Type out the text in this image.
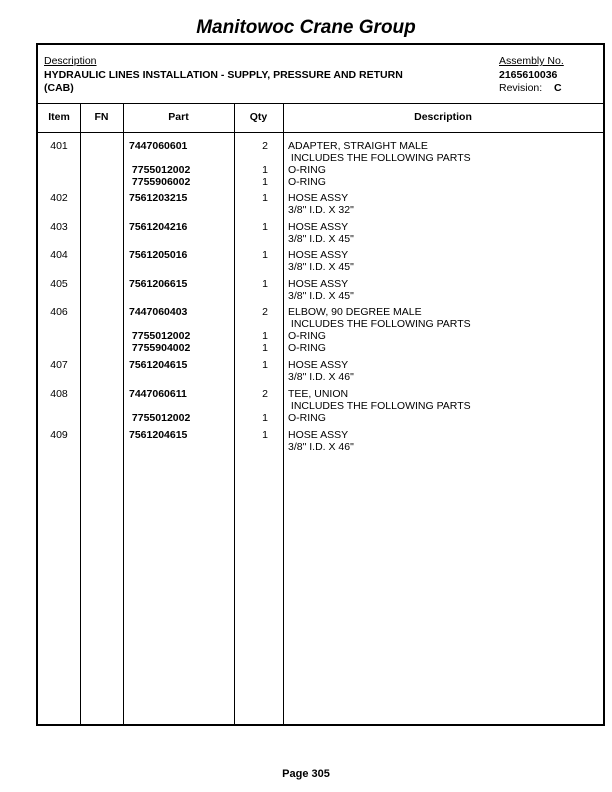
Manitowoc Crane Group
Description
HYDRAULIC LINES INSTALLATION - SUPPLY, PRESSURE AND RETURN
(CAB)
Assembly No.
2165610036
Revision: C
Item	FN	Part	Qty	Description
401	7447060601	2 ADAPTER, STRAIGHT MALE
INCLUDES THE FOLLOWING PARTS
7755012002	1 O-RING
7755906002	1 O-RING
402	7561203215	1 HOSE ASSY
3/8" I.D. X 32"
403	7561204216	1 HOSE ASSY
3/8" I.D. X 45"
404	7561205016	1 HOSE ASSY
3/8" I.D. X 45"
405	7561206615	1 HOSE ASSY
3/8" I.D. X 45"
406	7447060403	2 ELBOW, 90 DEGREE MALE
INCLUDES THE FOLLOWING PARTS
7755012002	1 O-RING
7755904002	1 O-RING
407	7561204615	1 HOSE ASSY
3/8" I.D. X 46"
408	7447060611	2 TEE, UNION
INCLUDES THE FOLLOWING PARTS
7755012002	1 O-RING
409	7561204615	1 HOSE ASSY
3/8" I.D. X 46"
Page 305
